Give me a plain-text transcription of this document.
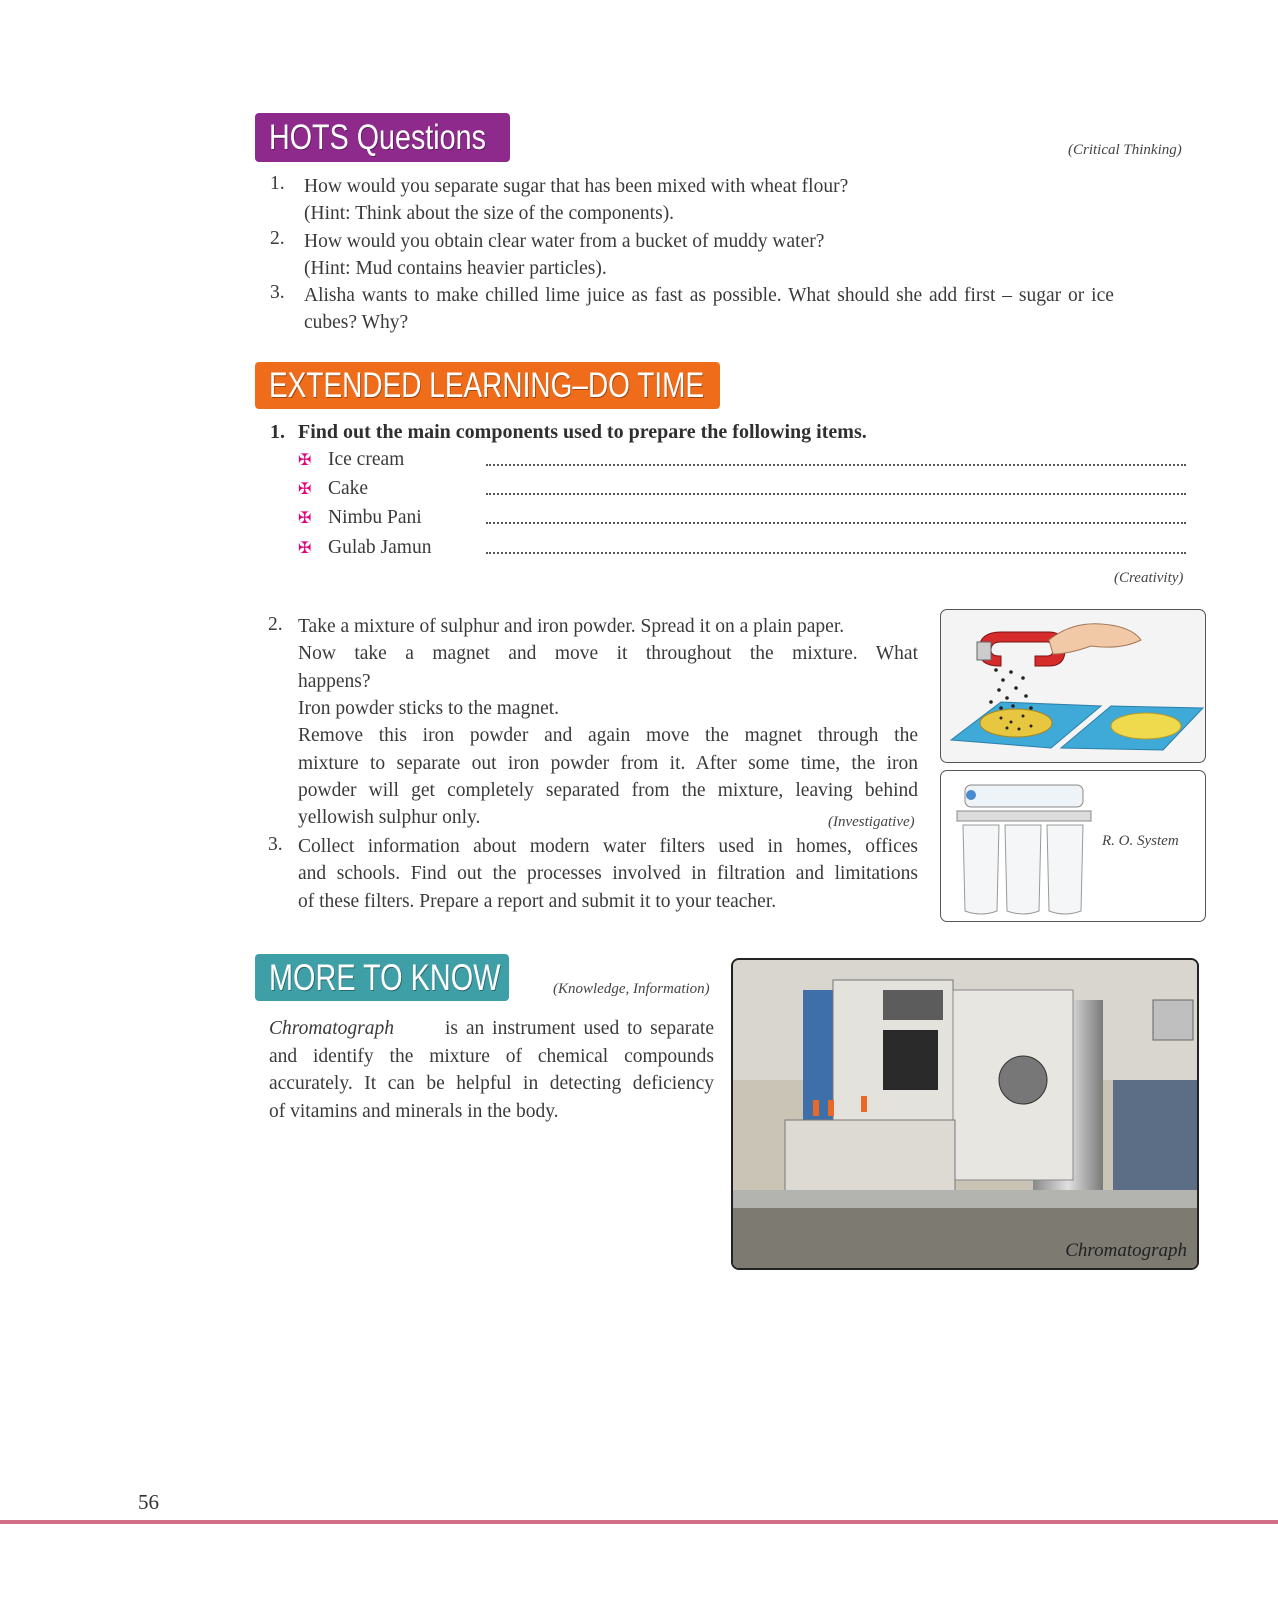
HOTS Questions	(Critical Thinking)
1. How would you separate sugar that has been mixed with wheat flour?
(Hint: Think about the size of the components).
2. How would you obtain clear water from a bucket of muddy water?
(Hint: Mud contains heavier particles).
3. Alisha wants to make chilled lime juice as fast as possible. What should she add first – sugar or ice
cubes? Why?
EXTENDED LEARNING–DO TIME
1. Find out the main components used to prepare the following items.
✠ Ice cream
✠ Cake
✠ Nimbu Pani
✠ Gulab Jamun
(Creativity)
2. Take a mixture of sulphur and iron powder. Spread it on a plain paper.
Now take a magnet and move it throughout the mixture. What
happens?
Iron powder sticks to the magnet.
Remove this iron powder and again move the magnet through the
mixture to separate out iron powder from it. After some time, the iron
powder will get completely separated from the mixture, leaving behind
yellowish sulphur only.	(Investigative)
3. Collect information about modern water filters used in homes, offices
and schools. Find out the processes involved in filtration and limitations
of these filters. Prepare a report and submit it to your teacher.
R. O. System
MORE TO KNOW	(Knowledge, Information)
Chromatograph	is an instrument used to separate
and identify the mixture of chemical compounds
accurately. It can be helpful in detecting deficiency
of vitamins and minerals in the body.
Chromatograph
56
